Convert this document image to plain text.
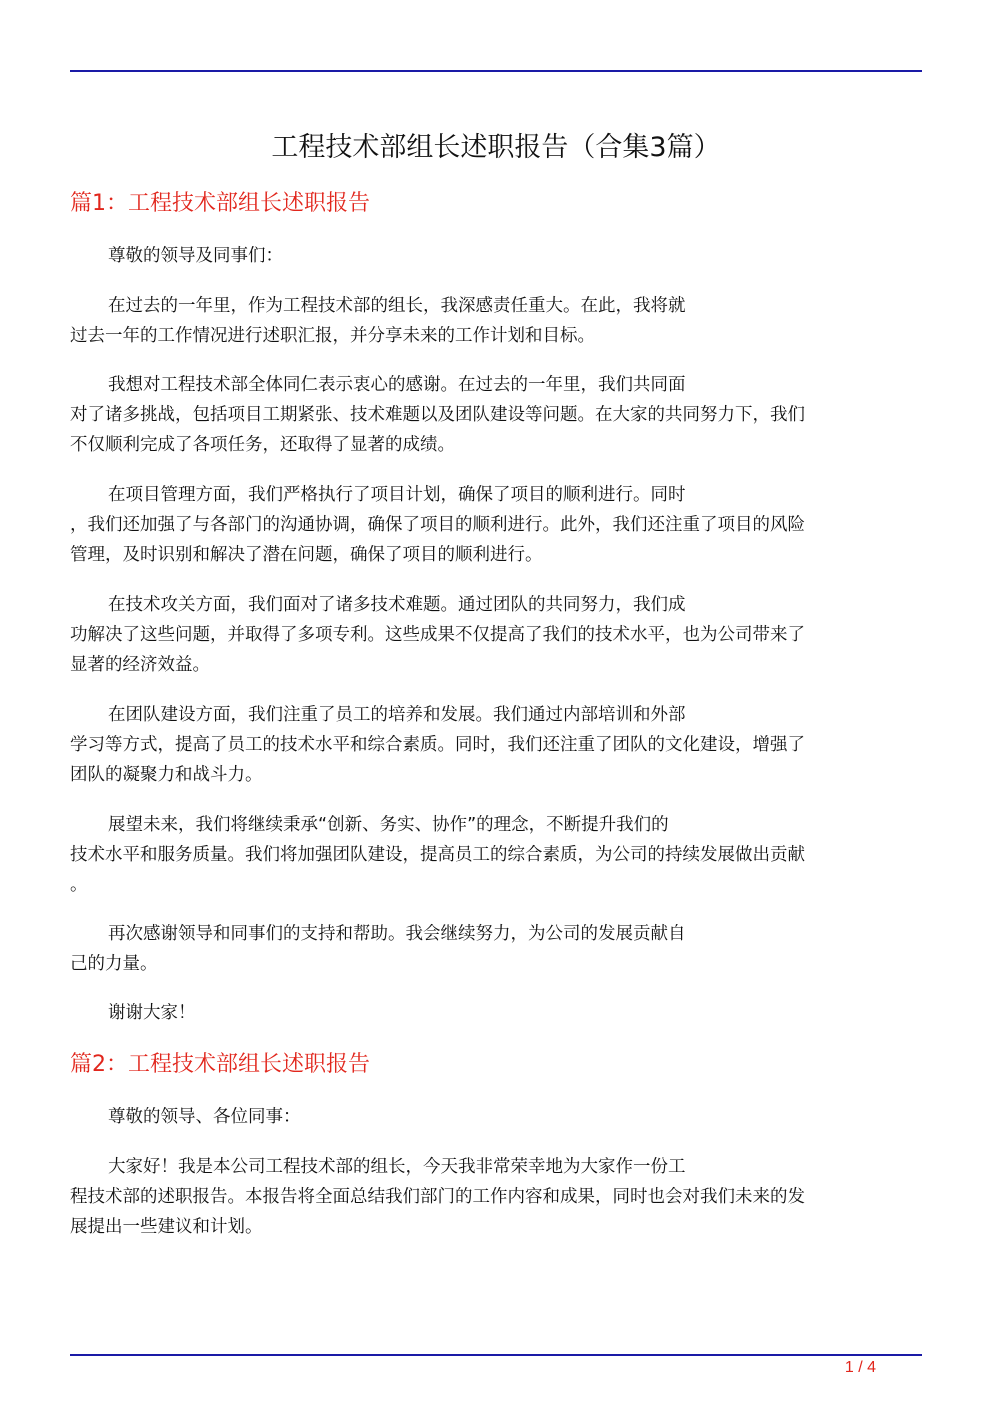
工程技术部组长述职报告（合集3篇）
篇1：工程技术部组长述职报告
尊敬的领导及同事们：
在过去的一年里，作为工程技术部的组长，我深感责任重大。在此，我将就
过去一年的工作情况进行述职汇报，并分享未来的工作计划和目标。
我想对工程技术部全体同仁表示衷心的感谢。在过去的一年里，我们共同面
对了诸多挑战，包括项目工期紧张、技术难题以及团队建设等问题。在大家的共同努力下，我们
不仅顺利完成了各项任务，还取得了显著的成绩。
在项目管理方面，我们严格执行了项目计划，确保了项目的顺利进行。同时
，我们还加强了与各部门的沟通协调，确保了项目的顺利进行。此外，我们还注重了项目的风险
管理，及时识别和解决了潜在问题，确保了项目的顺利进行。
在技术攻关方面，我们面对了诸多技术难题。通过团队的共同努力，我们成
功解决了这些问题，并取得了多项专利。这些成果不仅提高了我们的技术水平，也为公司带来了
显著的经济效益。
在团队建设方面，我们注重了员工的培养和发展。我们通过内部培训和外部
学习等方式，提高了员工的技术水平和综合素质。同时，我们还注重了团队的文化建设，增强了
团队的凝聚力和战斗力。
展望未来，我们将继续秉承“创新、务实、协作”的理念，不断提升我们的
技术水平和服务质量。我们将加强团队建设，提高员工的综合素质，为公司的持续发展做出贡献
。
再次感谢领导和同事们的支持和帮助。我会继续努力，为公司的发展贡献自
己的力量。
谢谢大家！
篇2：工程技术部组长述职报告
尊敬的领导、各位同事：
大家好！我是本公司工程技术部的组长，今天我非常荣幸地为大家作一份工
程技术部的述职报告。本报告将全面总结我们部门的工作内容和成果，同时也会对我们未来的发
展提出一些建议和计划。
1 / 4
